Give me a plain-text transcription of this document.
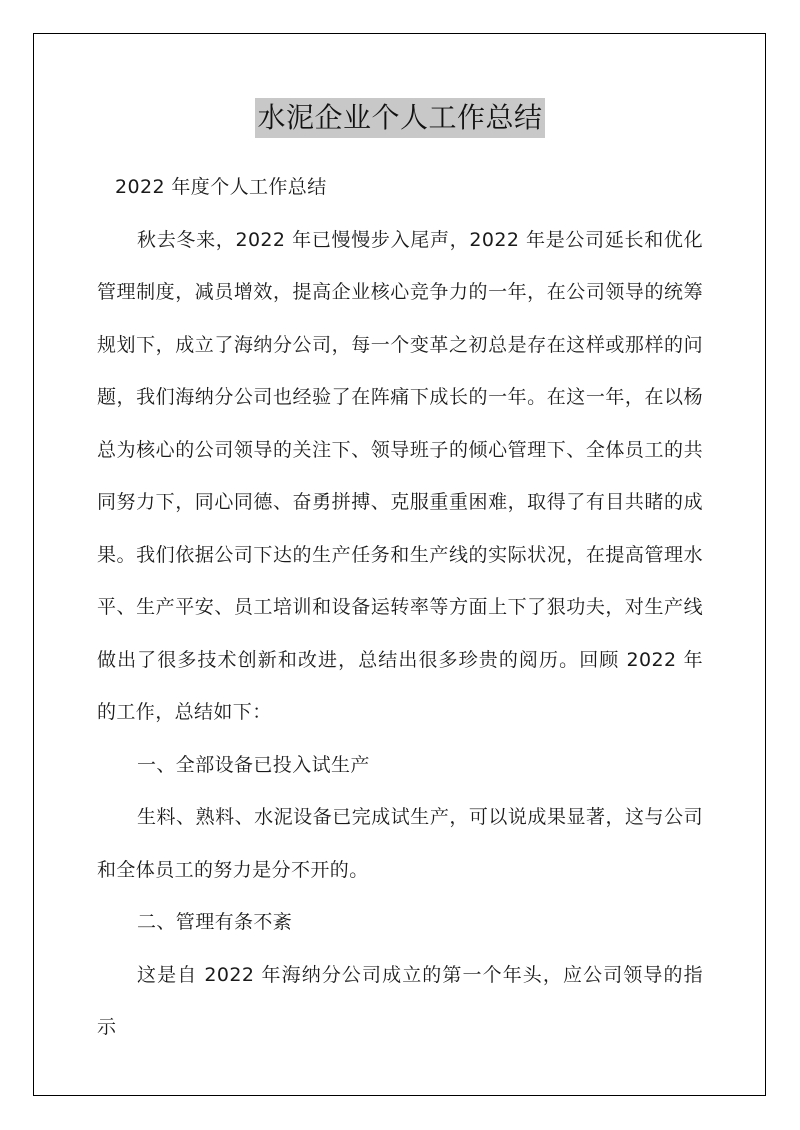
水泥企业个人工作总结

2022 年度个人工作总结

秋去冬来，2022 年已慢慢步入尾声，2022 年是公司延长和优化管理制度，减员增效，提高企业核心竞争力的一年，在公司领导的统筹规划下，成立了海纳分公司，每一个变革之初总是存在这样或那样的问题，我们海纳分公司也经验了在阵痛下成长的一年。在这一年，在以杨总为核心的公司领导的关注下、领导班子的倾心管理下、全体员工的共同努力下，同心同德、奋勇拼搏、克服重重困难，取得了有目共睹的成果。我们依据公司下达的生产任务和生产线的实际状况，在提高管理水平、生产平安、员工培训和设备运转率等方面上下了狠功夫，对生产线做出了很多技术创新和改进，总结出很多珍贵的阅历。回顾 2022 年的工作，总结如下：

一、全部设备已投入试生产

生料、熟料、水泥设备已完成试生产，可以说成果显著，这与公司和全体员工的努力是分不开的。

二、管理有条不紊

这是自 2022 年海纳分公司成立的第一个年头，应公司领导的指示
